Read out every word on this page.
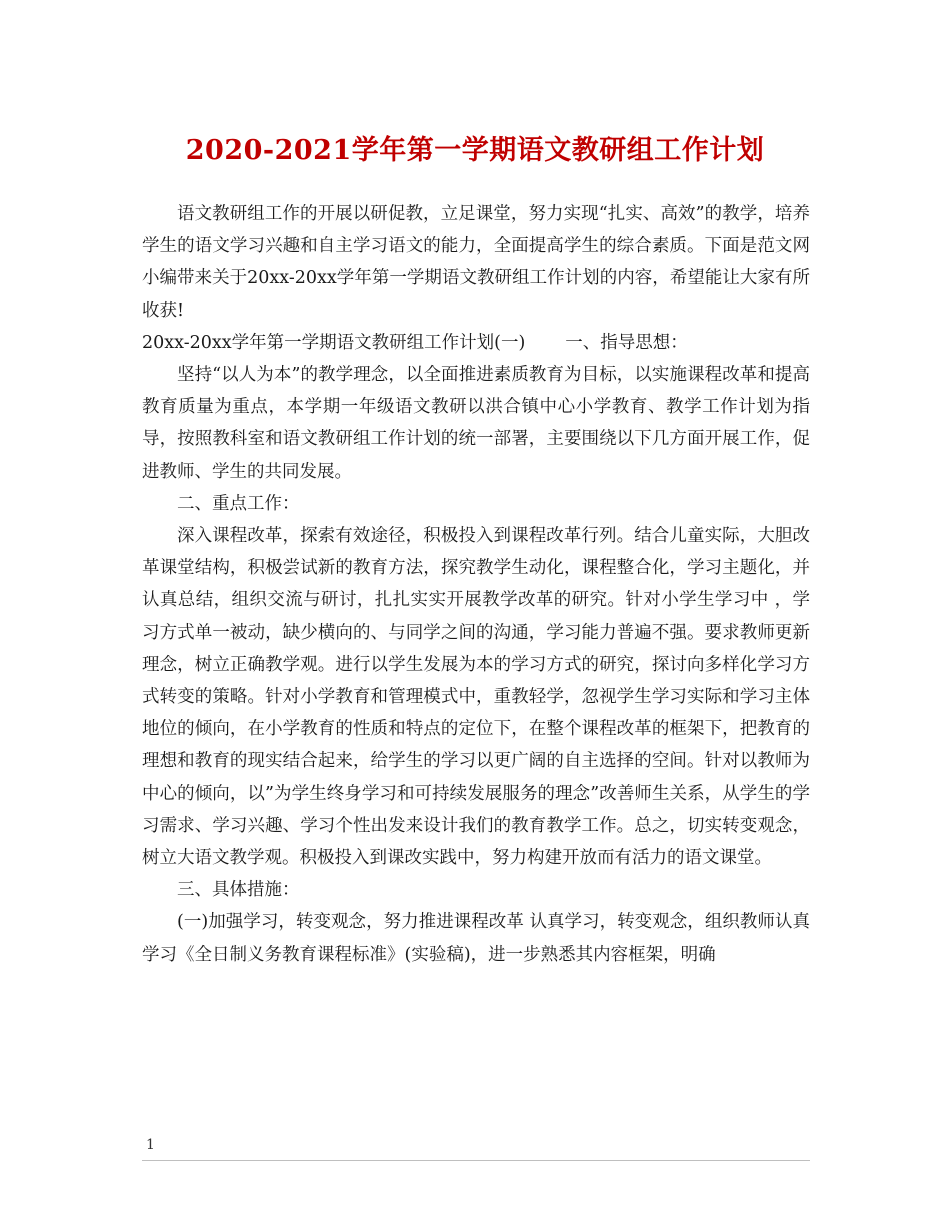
2020-2021学年第一学期语文教研组工作计划

语文教研组工作的开展以研促教，立足课堂，努力实现“扎实、高效”的教学，培养学生的语文学习兴趣和自主学习语文的能力，全面提高学生的综合素质。下面是范文网小编带来关于20xx-20xx学年第一学期语文教研组工作计划的内容，希望能让大家有所收获!

20xx-20xx学年第一学期语文教研组工作计划(一) 一、指导思想：

坚持“以人为本”的教学理念，以全面推进素质教育为目标，以实施课程改革和提高教育质量为重点，本学期一年级语文教研以洪合镇中心小学教育、教学工作计划为指导，按照教科室和语文教研组工作计划的统一部署，主要围绕以下几方面开展工作，促进教师、学生的共同发展。

二、重点工作：

深入课程改革，探索有效途径，积极投入到课程改革行列。结合儿童实际，大胆改革课堂结构，积极尝试新的教育方法，探究教学生动化，课程整合化，学习主题化，并认真总结，组织交流与研讨，扎扎实实开展教学改革的研究。针对小学生学习中 ，学习方式单一被动，缺少横向的、与同学之间的沟通，学习能力普遍不强。要求教师更新理念，树立正确教学观。进行以学生发展为本的学习方式的研究，探讨向多样化学习方式转变的策略。针对小学教育和管理模式中，重教轻学，忽视学生学习实际和学习主体地位的倾向，在小学教育的性质和特点的定位下，在整个课程改革的框架下，把教育的理想和教育的现实结合起来，给学生的学习以更广阔的自主选择的空间。针对以教师为中心的倾向，以”为学生终身学习和可持续发展服务的理念”改善师生关系，从学生的学习需求、学习兴趣、学习个性出发来设计我们的教育教学工作。总之，切实转变观念，树立大语文教学观。积极投入到课改实践中，努力构建开放而有活力的语文课堂。

三、具体措施：

(一)加强学习，转变观念，努力推进课程改革 认真学习，转变观念，组织教师认真学习《全日制义务教育课程标准》(实验稿)，进一步熟悉其内容框架，明确

1
